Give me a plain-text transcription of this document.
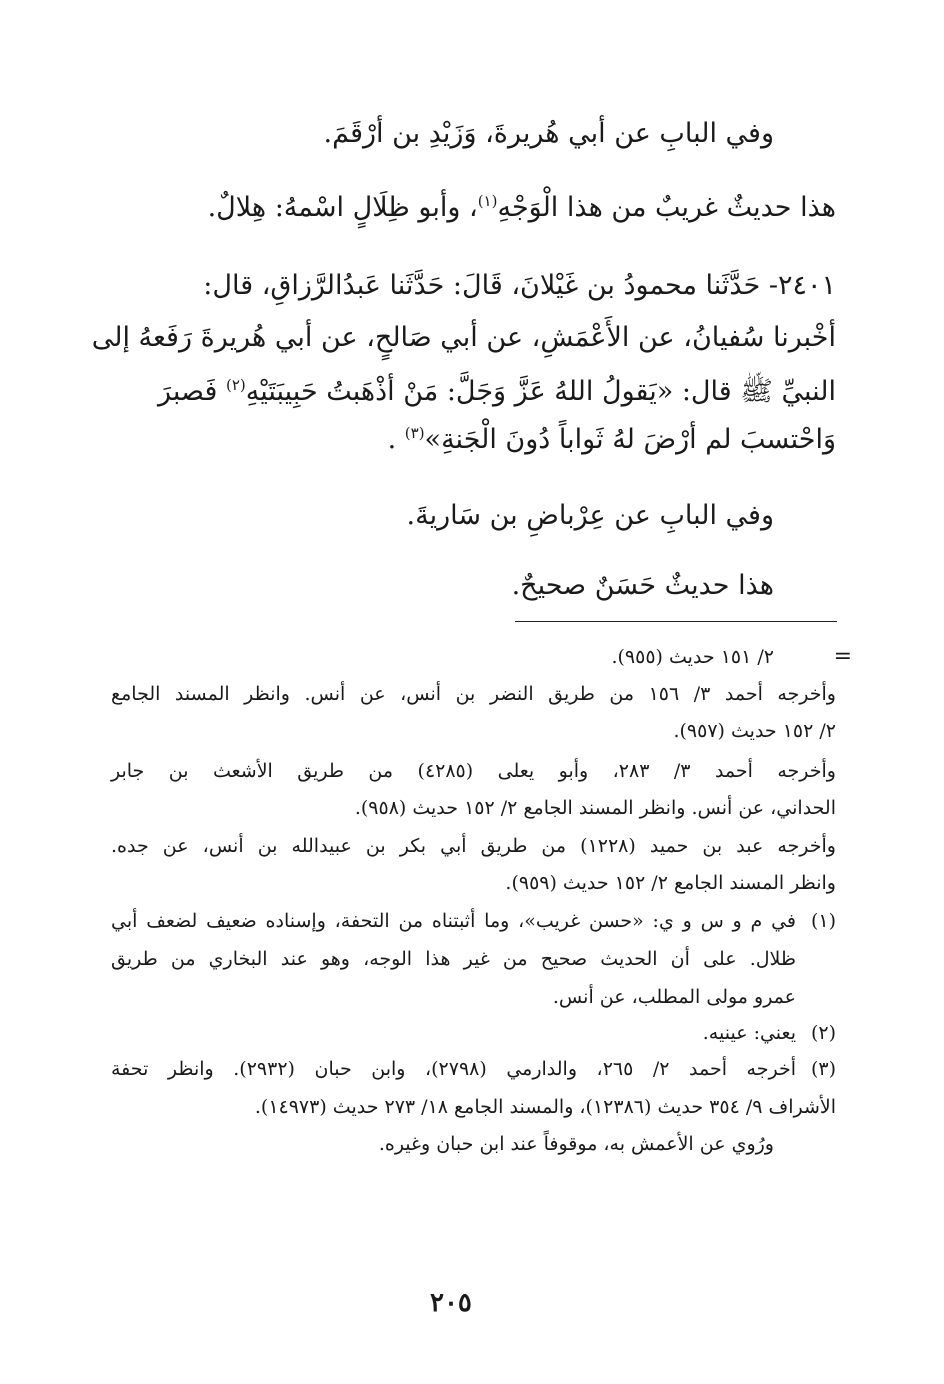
وفي البابِ عن أبي هُريرةَ، وَزَيْدِ بن أرْقَمَ.
هذا حديثٌ غريبٌ من هذا الْوَجْهِ$^{(١)}$، وأبو ظِلَالٍ اسْمهُ: هِلالٌ.
٢٤٠١- حَدَّثَنا محمودُ بن غَيْلانَ، قَالَ: حَدَّثَنا عَبدُالرَّزاقِ، قال:
أخْبرنا سُفيانُ، عن الأَعْمَشِ، عن أبي صَالحٍ، عن أبي هُريرةَ رَفَعهُ إلى
النبيِّ ﷺ قال: «يَقولُ اللهُ عَزَّ وَجَلَّ: مَنْ أذْهَبتُ حَبِيبَتَيْهِ$^{(٢)}$ فَصبرَ
وَاحْتسبَ لم أرْضَ لهُ ثَواباً دُونَ الْجَنةِ»$^{(٣)}$ .
وفي البابِ عن عِرْباضِ بن سَاريةَ.
هذا حديثٌ حَسَنٌ صحيحٌ.
=
٢/ ١٥١ حديث (٩٥٥).
وأخرجه أحمد ٣/ ١٥٦ من طريق النضر بن أنس، عن أنس. وانظر المسند الجامع
٢/ ١٥٢ حديث (٩٥٧).
وأخرجه أحمد ٣/ ٢٨٣، وأبو يعلى (٤٢٨٥) من طريق الأشعث بن جابر
الحداني، عن أنس. وانظر المسند الجامع ٢/ ١٥٢ حديث (٩٥٨).
وأخرجه عبد بن حميد (١٢٢٨) من طريق أبي بكر بن عبيدالله بن أنس، عن جده.
وانظر المسند الجامع ٢/ ١٥٢ حديث (٩٥٩).
(١)
في م و س و ي: «حسن غريب»، وما أثبتناه من التحفة، وإسناده ضعيف لضعف أبي
ظلال. على أن الحديث صحيح من غير هذا الوجه، وهو عند البخاري من طريق
عمرو مولى المطلب، عن أنس.
(٢)
يعني: عينيه.
(٣)
أخرجه أحمد ٢/ ٢٦٥، والدارمي (٢٧٩٨)، وابن حبان (٢٩٣٢). وانظر تحفة
الأشراف ٩/ ٣٥٤ حديث (١٢٣٨٦)، والمسند الجامع ١٨/ ٢٧٣ حديث (١٤٩٧٣).
ورُوي عن الأعمش به، موقوفاً عند ابن حبان وغيره.
٢٠٥
